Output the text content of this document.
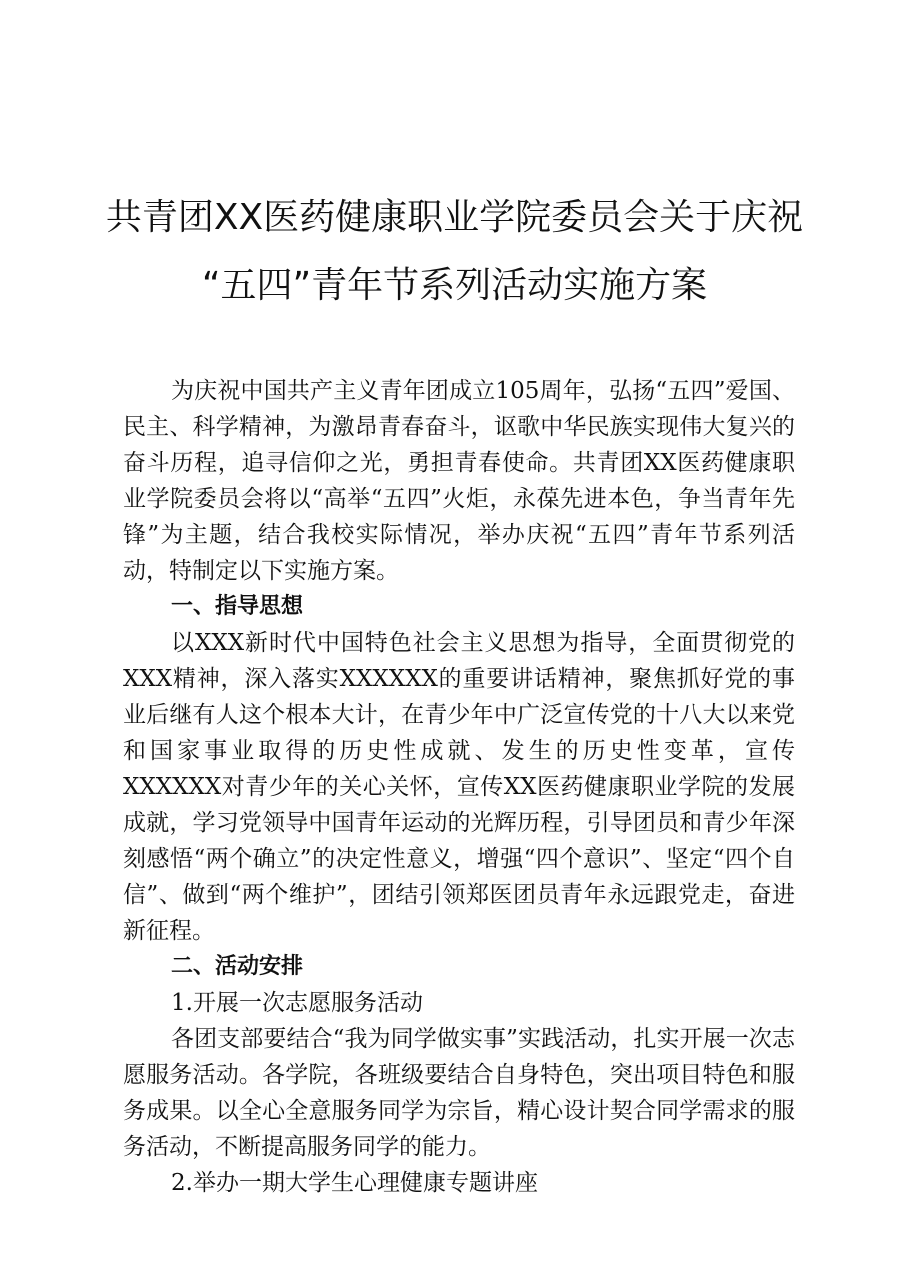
共青团XX医药健康职业学院委员会关于庆祝
“五四”青年节系列活动实施方案

为庆祝中国共产主义青年团成立105周年，弘扬“五四”爱国、民主、科学精神，为激昂青春奋斗，讴歌中华民族实现伟大复兴的奋斗历程，追寻信仰之光，勇担青春使命。共青团XX医药健康职业学院委员会将以“高举“五四”火炬，永葆先进本色，争当青年先锋”为主题，结合我校实际情况，举办庆祝“五四”青年节系列活动，特制定以下实施方案。

一、指导思想

以XXX新时代中国特色社会主义思想为指导，全面贯彻党的XXX精神，深入落实XXXXXX的重要讲话精神，聚焦抓好党的事业后继有人这个根本大计，在青少年中广泛宣传党的十八大以来党和国家事业取得的历史性成就、发生的历史性变革，宣传XXXXXX对青少年的关心关怀，宣传XX医药健康职业学院的发展成就，学习党领导中国青年运动的光辉历程，引导团员和青少年深刻感悟“两个确立”的决定性意义，增强“四个意识”、坚定“四个自信”、做到“两个维护”，团结引领郑医团员青年永远跟党走，奋进新征程。

二、活动安排

1.开展一次志愿服务活动

各团支部要结合“我为同学做实事”实践活动，扎实开展一次志愿服务活动。各学院，各班级要结合自身特色，突出项目特色和服务成果。以全心全意服务同学为宗旨，精心设计契合同学需求的服务活动，不断提高服务同学的能力。

2.举办一期大学生心理健康专题讲座
